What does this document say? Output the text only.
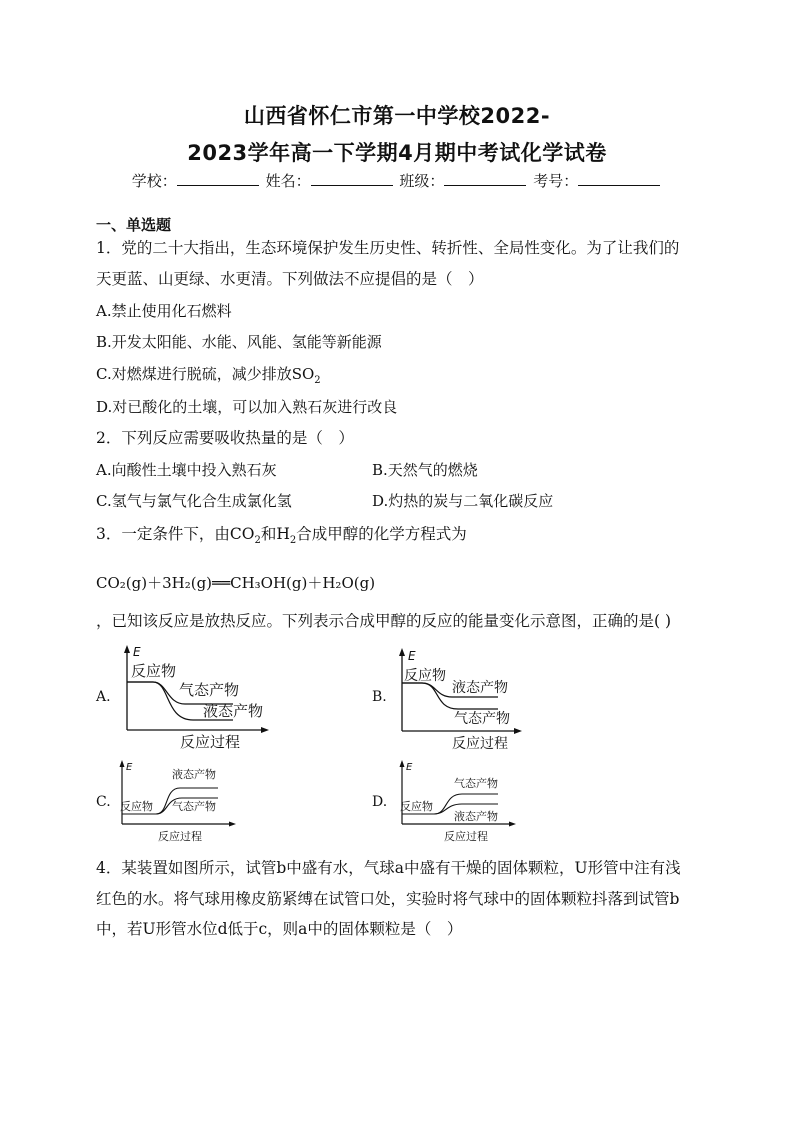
山西省怀仁市第一中学校2022-
2023学年高一下学期4月期中考试化学试卷
学校：	姓名：	班级：	考号：
一、单选题
1．党的二十大指出，生态环境保护发生历史性、转折性、全局性变化。为了让我们的
天更蓝、山更绿、水更清。下列做法不应提倡的是（　）
A.禁止使用化石燃料
B.开发太阳能、水能、风能、氢能等新能源
C.对燃煤进行脱硫，减少排放$SO_2$
D.对已酸化的土壤，可以加入熟石灰进行改良
2．下列反应需要吸收热量的是（　）
A.向酸性土壤中投入熟石灰	B.天然气的燃烧
C.氢气与氯气化合生成氯化氢	D.灼热的炭与二氧化碳反应
3．一定条件下，由$CO_2$和$H_2$合成甲醇的化学方程式为
CO₂(g)＋3H₂(g)══CH₃OH(g)＋H₂O(g)
，已知该反应是放热反应。下列表示合成甲醇的反应的能量变化示意图，正确的是( )
A.	B.
C.	D.
E
反应物
气态产物
液态产物
反应过程
E
反应物
液态产物
气态产物
反应过程
E
液态产物
反应物 气态产物
反应过程
E
气态产物
反应物
液态产物
反应过程
4．某装置如图所示，试管b中盛有水，气球a中盛有干燥的固体颗粒，U形管中注有浅
红色的水。将气球用橡皮筋紧缚在试管口处，实验时将气球中的固体颗粒抖落到试管b
中，若U形管水位d低于c，则a中的固体颗粒是（　）
